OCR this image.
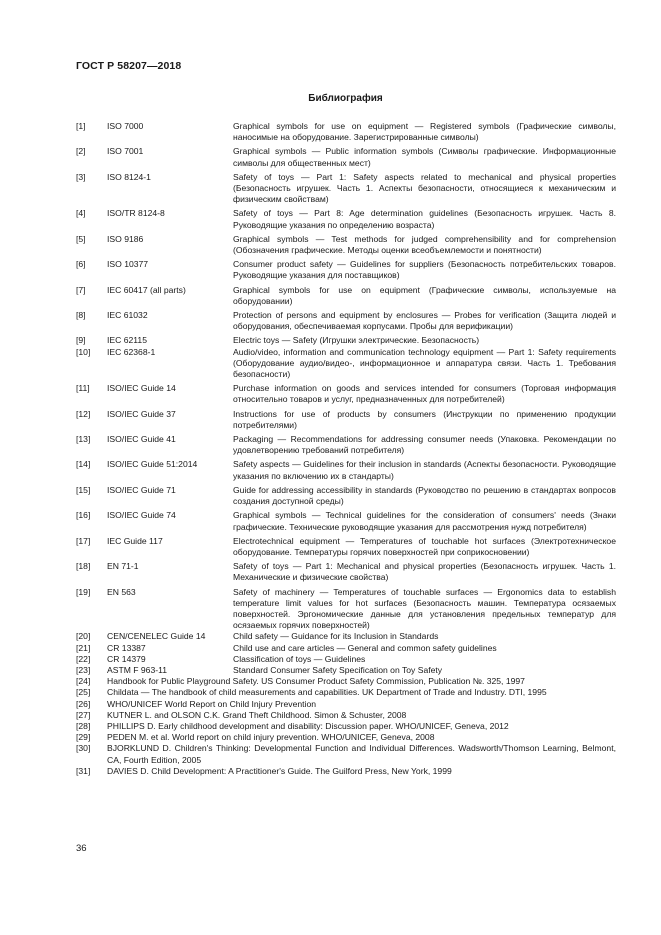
ГОСТ Р 58207—2018
Библиография
[1] ISO 7000	Graphical symbols for use on equipment — Registered symbols (Графические символы, наносимые на оборудование. Зарегистрированные символы)
[2] ISO 7001	Graphical symbols — Public information symbols (Символы графические. Информационные символы для общественных мест)
[3] ISO 8124-1	Safety of toys — Part 1: Safety aspects related to mechanical and physical properties (Безопасность игрушек. Часть 1. Аспекты безопасности, относящиеся к механическим и физическим свойствам)
[4] ISO/TR 8124-8	Safety of toys — Part 8: Age determination guidelines (Безопасность игрушек. Часть 8. Руководящие указания по определению возраста)
[5] ISO 9186	Graphical symbols — Test methods for judged comprehensibility and for comprehension (Обозначения графические. Методы оценки всеобъемлемости и понятности)
[6] ISO 10377	Consumer product safety — Guidelines for suppliers (Безопасность потребительских товаров. Руководящие указания для поставщиков)
[7] IEC 60417 (all parts)	Graphical symbols for use on equipment (Графические символы, используемые на оборудовании)
[8] IEC 61032	Protection of persons and equipment by enclosures — Probes for verification (Защита людей и оборудования, обеспечиваемая корпусами. Пробы для верификации)
[9] IEC 62115	Electric toys — Safety (Игрушки электрические. Безопасность)
[10] IEC 62368-1	Audio/video, information and communication technology equipment — Part 1: Safety requirements (Оборудование аудио/видео-, информационное и аппаратура связи. Часть 1. Требования безопасности)
[11] ISO/IEC Guide 14	Purchase information on goods and services intended for consumers (Торговая информация относительно товаров и услуг, предназначенных для потребителей)
[12] ISO/IEC Guide 37	Instructions for use of products by consumers (Инструкции по применению продукции потребителями)
[13] ISO/IEC Guide 41	Packaging — Recommendations for addressing consumer needs (Упаковка. Рекомендации по удовлетворению требований потребителя)
[14] ISO/IEC Guide 51:2014	Safety aspects — Guidelines for their inclusion in standards (Аспекты безопасности. Руководящие указания по включению их в стандарты)
[15] ISO/IEC Guide 71	Guide for addressing accessibility in standards (Руководство по решению в стандартах вопросов создания доступной среды)
[16] ISO/IEC Guide 74	Graphical symbols — Technical guidelines for the consideration of consumers' needs (Знаки графические. Технические руководящие указания для рассмотрения нужд потребителя)
[17] IEC Guide 117	Electrotechnical equipment — Temperatures of touchable hot surfaces (Электротехническое оборудование. Температуры горячих поверхностей при соприкосновении)
[18] EN 71-1	Safety of toys — Part 1: Mechanical and physical properties (Безопасность игрушек. Часть 1. Механические и физические свойства)
[19] EN 563	Safety of machinery — Temperatures of touchable surfaces — Ergonomics data to establish temperature limit values for hot surfaces (Безопасность машин. Температура осязаемых поверхностей. Эргономические данные для установления предельных температур для осязаемых горячих поверхностей)
[20] CEN/CENELEC Guide 14	Child safety — Guidance for its Inclusion in Standards
[21] CR 13387	Child use and care articles — General and common safety guidelines
[22] CR 14379	Classification of toys — Guidelines
[23] ASTM F 963-11	Standard Consumer Safety Specification on Toy Safety
[24] Handbook for Public Playground Safety. US Consumer Product Safety Commission, Publication №. 325, 1997
[25] Childata — The handbook of child measurements and capabilities. UK Department of Trade and Industry. DTI, 1995
[26] WHO/UNICEF World Report on Child Injury Prevention
[27] KUTNER L. and OLSON C.K. Grand Theft Childhood. Simon & Schuster, 2008
[28] PHILLIPS D. Early childhood development and disability: Discussion paper. WHO/UNICEF, Geneva, 2012
[29] PEDEN M. et al. World report on child injury prevention. WHO/UNICEF, Geneva, 2008
[30] BJORKLUND D. Children's Thinking: Developmental Function and Individual Differences. Wadsworth/Thomson Learning, Belmont, CA, Fourth Edition, 2005
[31] DAVIES D. Child Development: A Practitioner's Guide. The Guilford Press, New York, 1999
36
